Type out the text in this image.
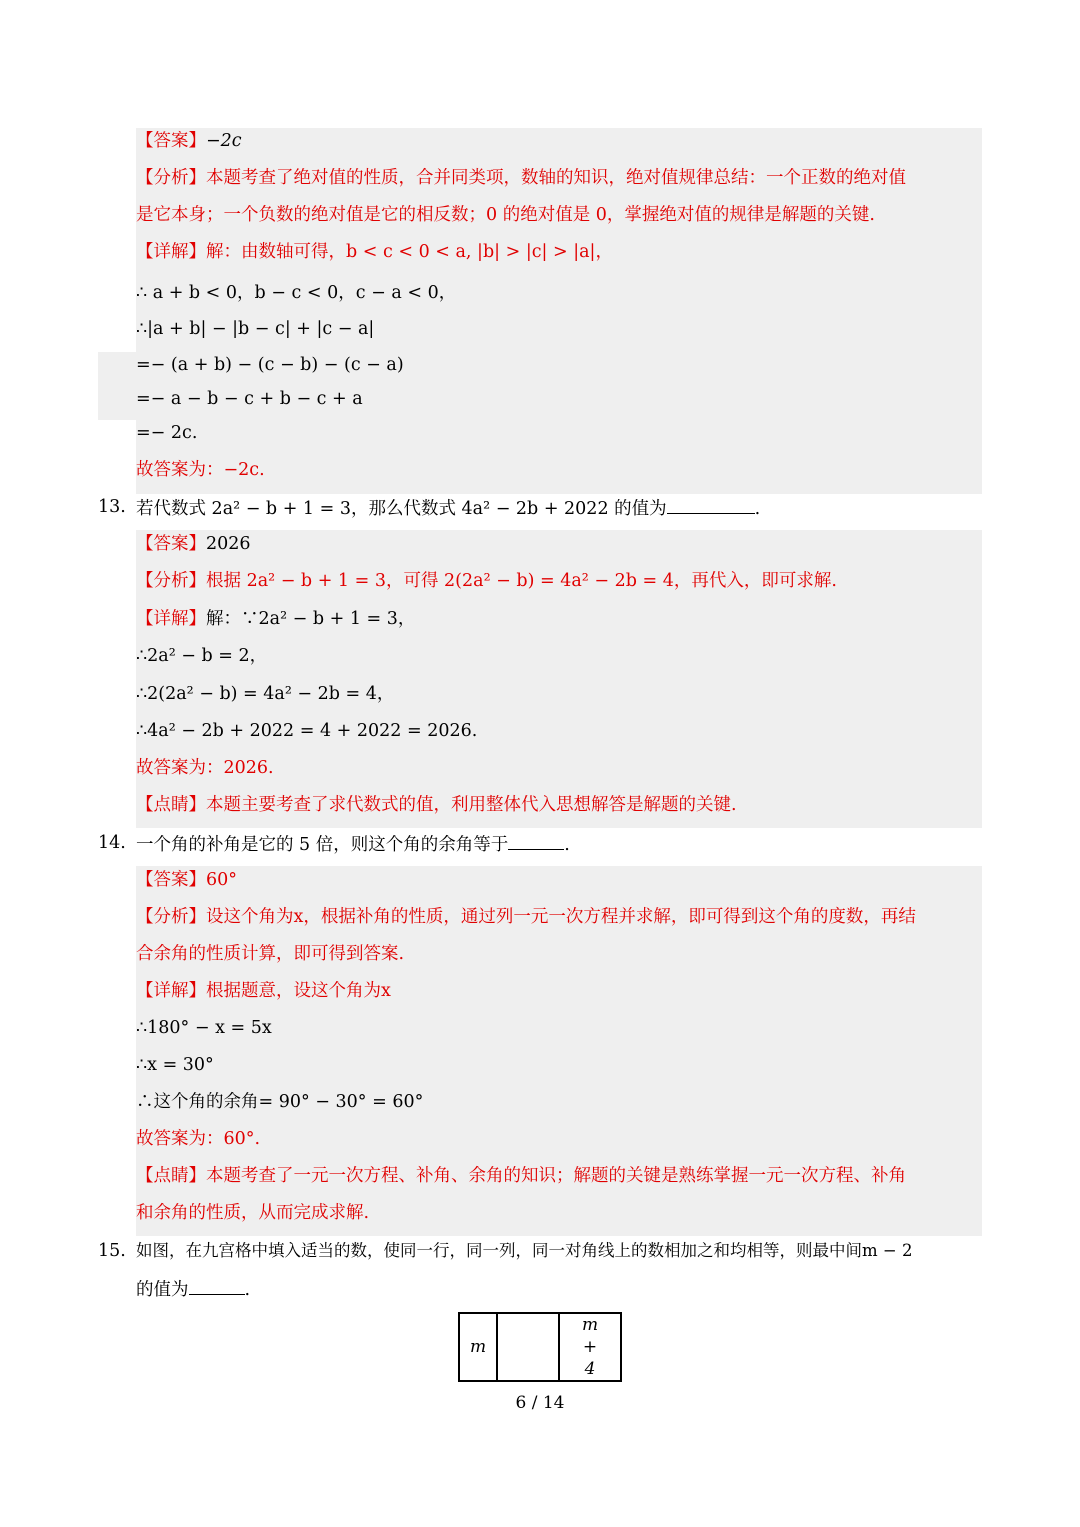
【答案】−2c
【分析】本题考查了绝对值的性质，合并同类项，数轴的知识，绝对值规律总结：一个正数的绝对值
是它本身；一个负数的绝对值是它的相反数；0 的绝对值是 0，掌握绝对值的规律是解题的关键.
【详解】解：由数轴可得，b < c < 0 < a, |b| > |c| > |a|，
∴ a + b < 0，b − c < 0，c − a < 0，
∴|a + b| − |b − c| + |c − a|
=− (a + b) − (c − b) − (c − a)
=− a − b − c + b − c + a
=− 2c.
故答案为：−2c.
13. 若代数式 2a² − b + 1 = 3，那么代数式 4a² − 2b + 2022 的值为	.
【答案】2026
【分析】根据 2a² − b + 1 = 3，可得 2(2a² − b) = 4a² − 2b = 4，再代入，即可求解.
【详解】解：∵2a² − b + 1 = 3，
∴2a² − b = 2，
∴2(2a² − b) = 4a² − 2b = 4，
∴4a² − 2b + 2022 = 4 + 2022 = 2026.
故答案为：2026.
【点睛】本题主要考查了求代数式的值，利用整体代入思想解答是解题的关键.
14. 一个角的补角是它的 5 倍，则这个角的余角等于	.
【答案】60°
【分析】设这个角为x，根据补角的性质，通过列一元一次方程并求解，即可得到这个角的度数，再结
合余角的性质计算，即可得到答案.
【详解】根据题意，设这个角为x
∴180° − x = 5x
∴x = 30°
∴这个角的余角= 90° − 30° = 60°
故答案为：60°.
【点睛】本题考查了一元一次方程、补角、余角的知识；解题的关键是熟练掌握一元一次方程、补角
和余角的性质，从而完成求解.
15. 如图，在九宫格中填入适当的数，使同一行，同一列，同一对角线上的数相加之和均相等，则最中间m − 2
的值为	.
m		m + 4
6 / 14
